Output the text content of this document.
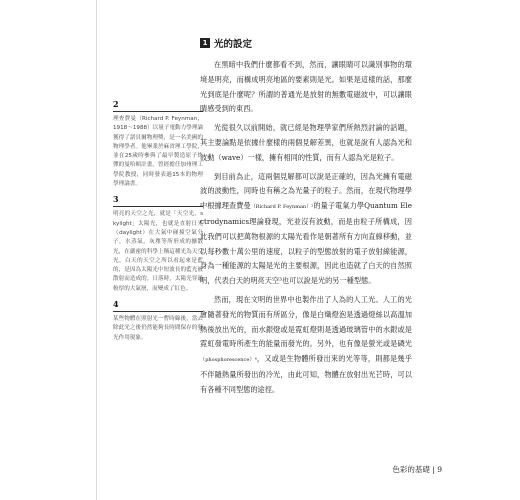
2
理查費曼（Richard P. Feynman，1918～1988）以量子電動力學理論獲得了諾貝爾物理獎，是一名美國的物理學者。他畢業於麻省理工學院，並在25歲時參與了最早製造原子炸彈的曼哈頓計畫。曾經擔任加州理工學院教授，同時發表過15本的物理學理論書。
3
明亮的天空之光，就是「天空光，skylight」太陽光，也就是直射日光（daylight）在大氣中碰撞空氣分子，水蒸氣，灰塵等所形成的擴散光，在嚴密的科學上稱這種光為天空光。白天的天空之所以看起來是藍的，是因為太陽光中短波長的藍光被散射而造成的。日落時，太陽光穿過較厚的大氣層，而變成了紅色。
4
某些物體在照射光一暫時線後，當去除此光之後仍然能夠長時間保存的發光作用現象。
1 光的設定

在黑暗中我們什麼都看不到，然而，讓眼睛可以識別事物的環境是明亮，而構成明亮地區的要素則是光。如果是這樣的話，那麼光到底是什麼呢？所謂的普通光是放射的無數電磁波中，可以讓眼睛感受到的東西。

光從很久以前開始，就已經是物理學家們所熱烈討論的話題，其主要論點是依據什麼樣的兩個見解差異，也就是說有人認為光和波動（wave）一樣，擁有相同的性質，而有人認為光是粒子。

到目前為止，這兩個見解都可以說是正確的，因為光擁有電磁波的波動性，同時也有稱之為光量子的粒子。然而，在現代物理學中根據理查費曼（Richard P. Feynman）²的量子電氣力學Quantum Electrodynamics理論發現，光並沒有波動，而是由粒子所構成，因此我們可以把萬物根源的太陽光看作是朝著所有方向直線移動，並以每秒數十萬公里的速度，以粒子的型態放射的電子放射線能源，身為一種能源的太陽是光的主要根源，因此也造就了白天的自然照明，代表白天的明亮天空³也可以說是光的另一種型態。

然而，現在文明的世界中也製作出了人為的人工光。人工的光會隨著發光的物質而有所區分，像是白熾燈泡是透過燈絲以高溫加熱後放出光的，而水銀燈或是霓虹燈則是透過玻璃管中的水銀或是霓虹發電時所產生的能量而發光的。另外，也有像是螢光或是磷光（phosphorescence）⁴，又或是生物體所發出來的光等等，則都是幾乎不伴隨熱量所發出的冷光，由此可知，物體在放射出光芒時，可以有各種不同型態的途徑。

色彩的基礎 | 9
